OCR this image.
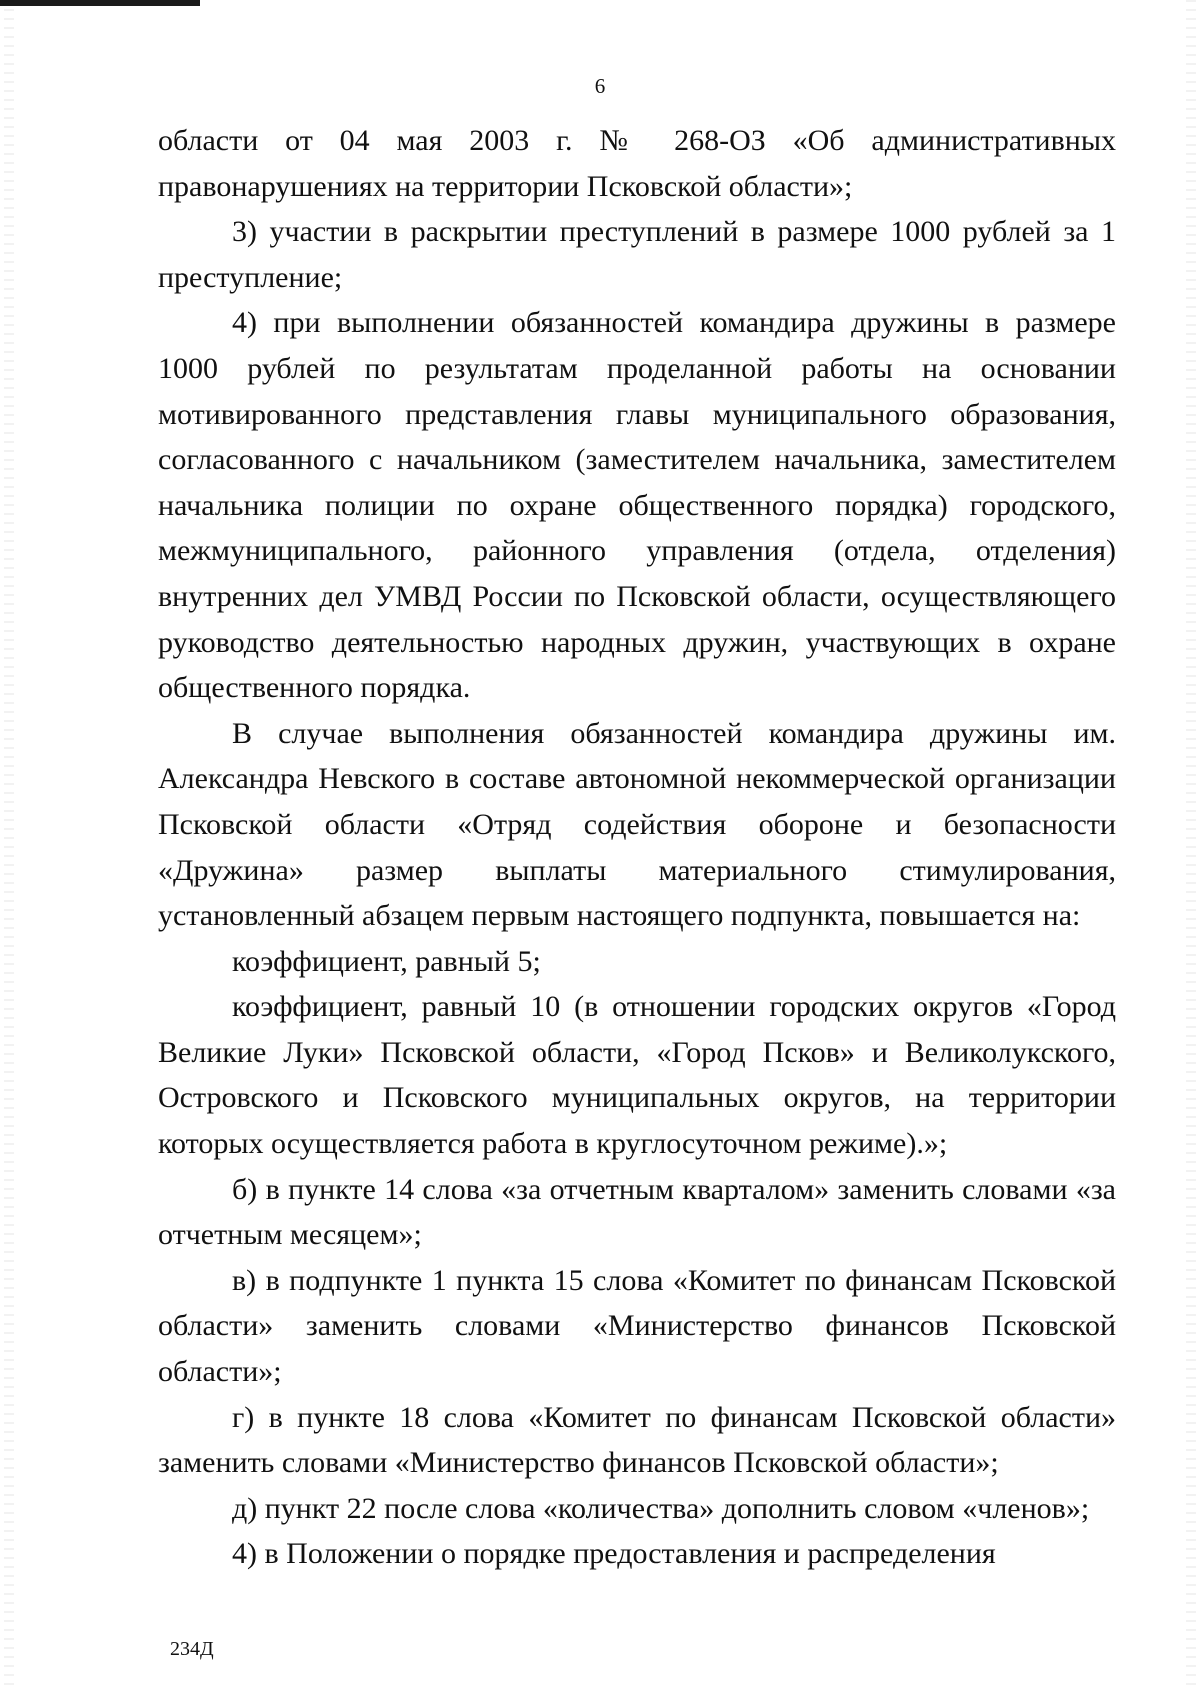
6

области от 04 мая 2003 г. № 268-ОЗ «Об административных правонарушениях на территории Псковской области»;

3) участии в раскрытии преступлений в размере 1000 рублей за 1 преступление;

4) при выполнении обязанностей командира дружины в размере 1000 рублей по результатам проделанной работы на основании мотивированного представления главы муниципального образования, согласованного с начальником (заместителем начальника, заместителем начальника полиции по охране общественного порядка) городского, межмуниципального, районного управления (отдела, отделения) внутренних дел УМВД России по Псковской области, осуществляющего руководство деятельностью народных дружин, участвующих в охране общественного порядка.

В случае выполнения обязанностей командира дружины им. Александра Невского в составе автономной некоммерческой организации Псковской области «Отряд содействия обороне и безопасности «Дружина» размер выплаты материального стимулирования, установленный абзацем первым настоящего подпункта, повышается на:

коэффициент, равный 5;

коэффициент, равный 10 (в отношении городских округов «Город Великие Луки» Псковской области, «Город Псков» и Великолукского, Островского и Псковского муниципальных округов, на территории которых осуществляется работа в круглосуточном режиме).»;

б) в пункте 14 слова «за отчетным кварталом» заменить словами «за отчетным месяцем»;

в) в подпункте 1 пункта 15 слова «Комитет по финансам Псковской области» заменить словами «Министерство финансов Псковской области»;

г) в пункте 18 слова «Комитет по финансам Псковской области» заменить словами «Министерство финансов Псковской области»;

д) пункт 22 после слова «количества» дополнить словом «членов»;

4) в Положении о порядке предоставления и распределения

234Д
